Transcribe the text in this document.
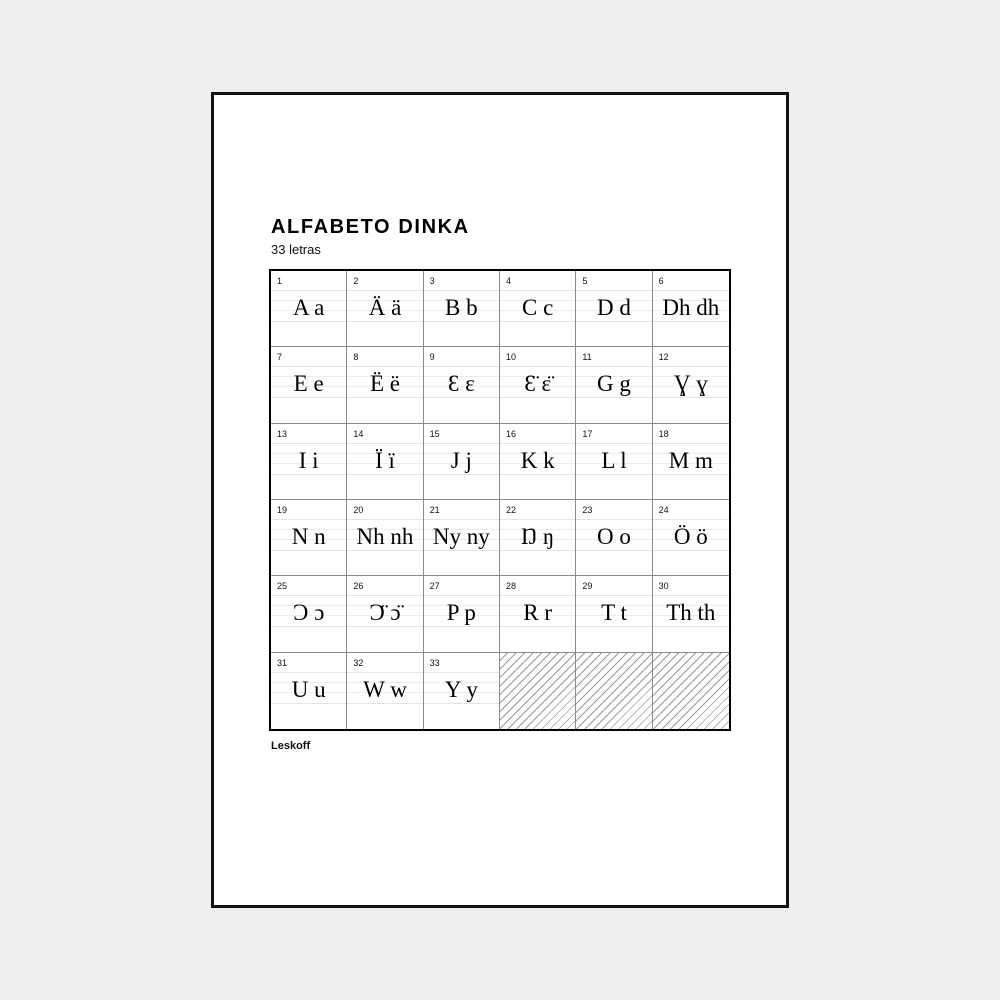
ALFABETO DINKA
33 letras
1
A a
2
Ä ä
3
B b
4
C c
5
D d
6
Dh dh
7
E e
8
Ë ë
9
Ɛ ɛ
10
Ɛ̈ ɛ̈
11
G g
12
Ɣ ɣ
13
I i
14
Ï ï
15
J j
16
K k
17
L l
18
M m
19
N n
20
Nh nh
21
Ny ny
22
Ŋ ŋ
23
O o
24
Ö ö
25
Ɔ ɔ
26
Ɔ̈ ɔ̈
27
P p
28
R r
29
T t
30
Th th
31
U u
32
W w
33
Y y
Leskoff
